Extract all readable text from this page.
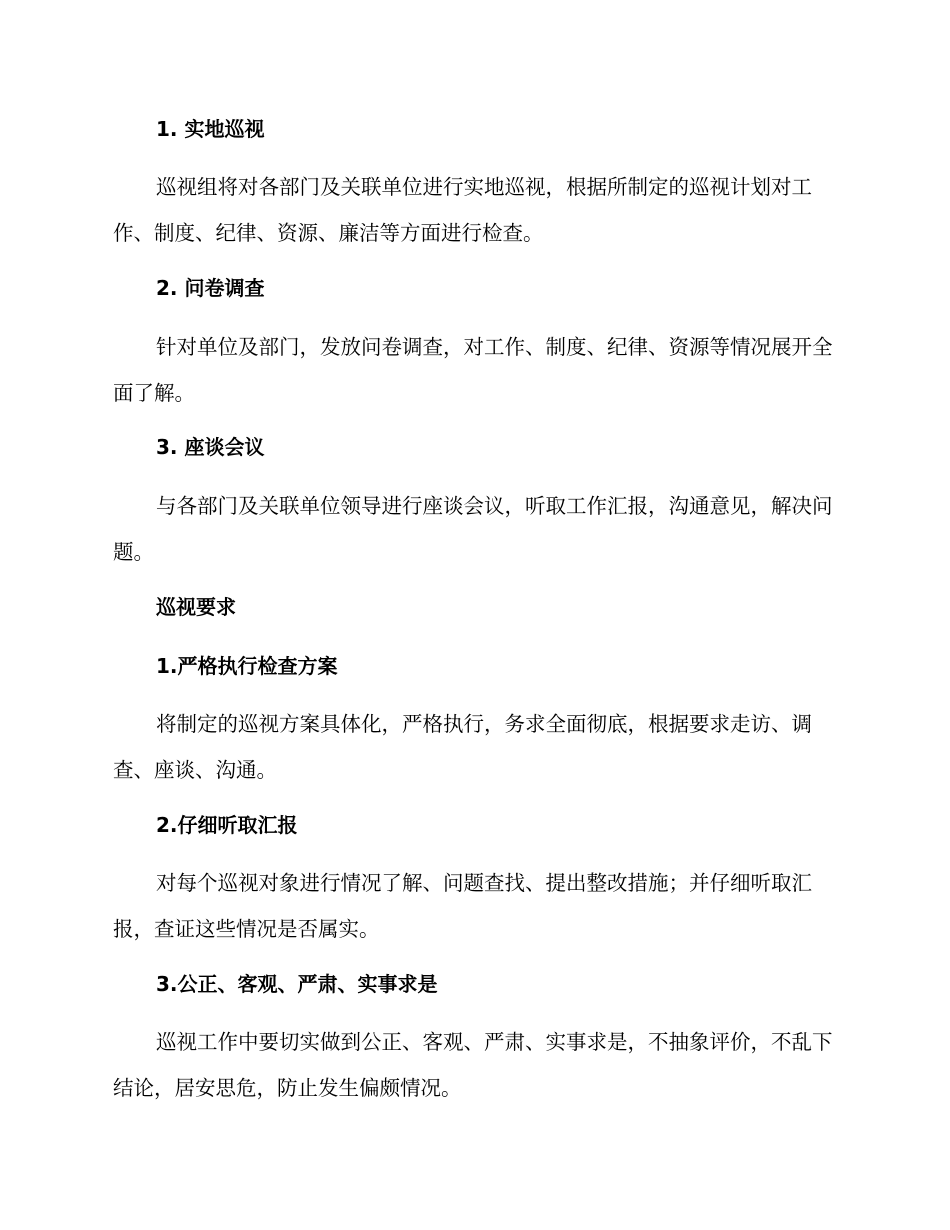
1. 实地巡视

巡视组将对各部门及关联单位进行实地巡视，根据所制定的巡视计划对工作、制度、纪律、资源、廉洁等方面进行检查。

2. 问卷调查

针对单位及部门，发放问卷调查，对工作、制度、纪律、资源等情况展开全面了解。

3. 座谈会议

与各部门及关联单位领导进行座谈会议，听取工作汇报，沟通意见，解决问题。

巡视要求
1.严格执行检查方案

将制定的巡视方案具体化，严格执行，务求全面彻底，根据要求走访、调查、座谈、沟通。

2.仔细听取汇报

对每个巡视对象进行情况了解、问题查找、提出整改措施；并仔细听取汇报，查证这些情况是否属实。

3.公正、客观、严肃、实事求是

巡视工作中要切实做到公正、客观、严肃、实事求是，不抽象评价，不乱下结论，居安思危，防止发生偏颇情况。
